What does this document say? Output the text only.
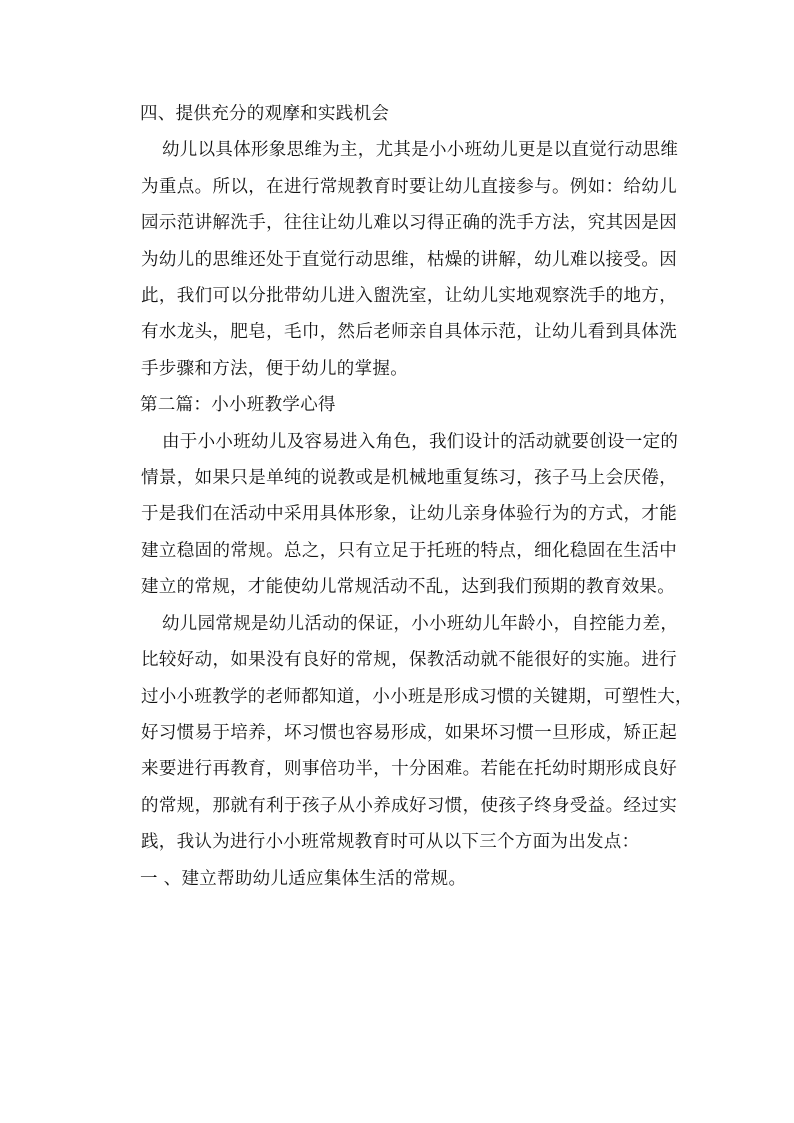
四、提供充分的观摩和实践机会

幼儿以具体形象思维为主，尤其是小小班幼儿更是以直觉行动思维
为重点。所以，在进行常规教育时要让幼儿直接参与。例如：给幼儿
园示范讲解洗手，往往让幼儿难以习得正确的洗手方法，究其因是因
为幼儿的思维还处于直觉行动思维，枯燥的讲解，幼儿难以接受。因
此，我们可以分批带幼儿进入盥洗室，让幼儿实地观察洗手的地方，
有水龙头，肥皂，毛巾，然后老师亲自具体示范，让幼儿看到具体洗
手步骤和方法，便于幼儿的掌握。

第二篇：小小班教学心得

由于小小班幼儿及容易进入角色，我们设计的活动就要创设一定的
情景，如果只是单纯的说教或是机械地重复练习，孩子马上会厌倦，
于是我们在活动中采用具体形象，让幼儿亲身体验行为的方式，才能
建立稳固的常规。总之，只有立足于托班的特点，细化稳固在生活中
建立的常规，才能使幼儿常规活动不乱，达到我们预期的教育效果。
幼儿园常规是幼儿活动的保证，小小班幼儿年龄小，自控能力差，
比较好动，如果没有良好的常规，保教活动就不能很好的实施。进行
过小小班教学的老师都知道，小小班是形成习惯的关键期，可塑性大，
好习惯易于培养，坏习惯也容易形成，如果坏习惯一旦形成，矫正起
来要进行再教育，则事倍功半，十分困难。若能在托幼时期形成良好
的常规，那就有利于孩子从小养成好习惯，使孩子终身受益。经过实
践，我认为进行小小班常规教育时可从以下三个方面为出发点：

一 、建立帮助幼儿适应集体生活的常规。
